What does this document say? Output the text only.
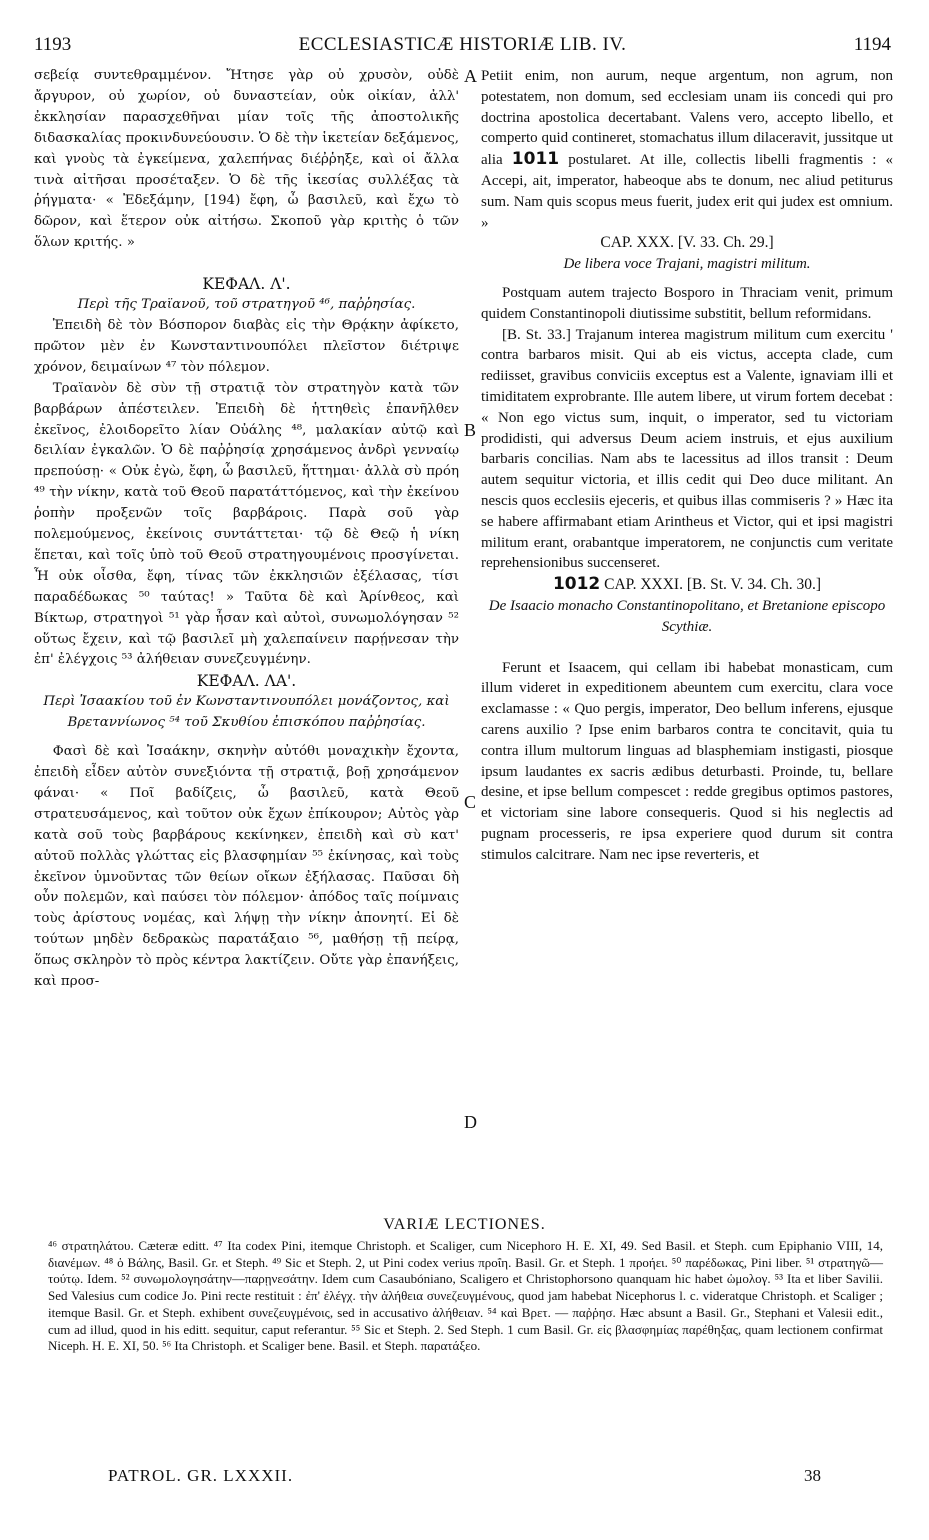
1193	ECCLESIASTICÆ HISTORIÆ LIB. IV.	1194

σεβείᾳ συντεθραμμένον. Ἤτησε γὰρ οὐ χρυσὸν, οὐδὲ ἄργυρον, οὐ χωρίον, οὐ δυναστείαν, οὐκ οἰκίαν, ἀλλ' ἐκκλησίαν παρασχεθῆναι μίαν τοῖς τῆς ἀποστολικῆς διδασκαλίας προκινδυνεύουσιν. Ὁ δὲ τὴν ἱκετείαν δεξάμενος, καὶ γνοὺς τὰ ἐγκείμενα, χαλεπήνας διέῤῥηξε, καὶ οἱ ἄλλα τινὰ αἰτῆσαι προσέταξεν. Ὁ δὲ τῆς ἱκεσίας συλλέξας τὰ ῥήγματα· « Ἐδεξάμην, [194) ἔφη, ὦ βασιλεῦ, καὶ ἔχω τὸ δῶρον, καὶ ἕτερον οὐκ αἰτήσω. Σκοποῦ γὰρ κριτὴς ὁ τῶν ὅλων κριτής. »

ΚΕΦΑΛ. Λ'.

Περὶ τῆς Τραϊανοῦ, τοῦ στρατηγοῦ ⁴⁶, παῤῥησίας.

Ἐπειδὴ δὲ τὸν Βόσπορον διαβὰς εἰς τὴν Θρᾴκην ἀφίκετο, πρῶτον μὲν ἐν Κωνσταντινουπόλει πλεῖστον διέτριψε χρόνον, δειμαίνων ⁴⁷ τὸν πόλεμον.

Τραϊανὸν δὲ σὺν τῇ στρατιᾷ τὸν στρατηγὸν κατὰ τῶν βαρβάρων ἀπέστειλεν. Ἐπειδὴ δὲ ἡττηθεὶς ἐπανῆλθεν ἐκεῖνος, ἐλοιδορεῖτο λίαν Οὐάλης ⁴⁸, μαλακίαν αὐτῷ καὶ δειλίαν ἐγκαλῶν. Ὁ δὲ παῤῥησίᾳ χρησάμενος ἀνδρὶ γενναίῳ πρεπούσῃ· « Οὐκ ἐγὼ, ἔφη, ὦ βασιλεῦ, ἥττημαι· ἀλλὰ σὺ πρόη ⁴⁹ τὴν νίκην, κατὰ τοῦ Θεοῦ παρατάττόμενος, καὶ τὴν ἐκείνου ῥοπὴν προξενῶν τοῖς βαρβάροις. Παρὰ σοῦ γὰρ πολεμούμενος, ἐκείνοις συντάττεται· τῷ δὲ Θεῷ ἡ νίκη ἕπεται, καὶ τοῖς ὑπὸ τοῦ Θεοῦ στρατηγουμένοις προσγίνεται. Ἦ οὐκ οἶσθα, ἔφη, τίνας τῶν ἐκκλησιῶν ἐξέλασας, τίσι παραδέδωκας ⁵⁰ ταύτας! » Ταῦτα δὲ καὶ Ἀρίνθεος, καὶ Βίκτωρ, στρατηγοὶ ⁵¹ γὰρ ἦσαν καὶ αὐτοὶ, συνωμολόγησαν ⁵² οὕτως ἔχειν, καὶ τῷ βασιλεῖ μὴ χαλεπαίνειν παρῄνεσαν τὴν ἐπ' ἐλέγχοις ⁵³ ἀλήθειαν συνεζευγμένην.

ΚΕΦΑΛ. ΛΑ'.

Περὶ Ἰσαακίου τοῦ ἐν Κωνσταντινουπόλει μονάζοντος, καὶ Βρεταννίωνος ⁵⁴ τοῦ Σκυθίου ἐπισκόπου παῤῥησίας.

Φασὶ δὲ καὶ Ἰσαάκην, σκηνὴν αὐτόθι μοναχικὴν ἔχοντα, ἐπειδὴ εἶδεν αὐτὸν συνεξιόντα τῇ στρατιᾷ, βοῇ χρησάμενον φάναι· « Ποῖ βαδίζεις, ὦ βασιλεῦ, κατὰ Θεοῦ στρατευσάμενος, καὶ τοῦτον οὐκ ἔχων ἐπίκουρον; Αὐτὸς γὰρ κατὰ σοῦ τοὺς βαρβάρους κεκίνηκεν, ἐπειδὴ καὶ σὺ κατ' αὐτοῦ πολλὰς γλώττας εἰς βλασφημίαν ⁵⁵ ἐκίνησας, καὶ τοὺς ἐκεῖνον ὑμνοῦντας τῶν θείων οἴκων ἐξήλασας. Παῦσαι δὴ οὖν πολεμῶν, καὶ παύσει τὸν πόλεμον· ἀπόδος ταῖς ποίμναις τοὺς ἀρίστους νομέας, καὶ λήψῃ τὴν νίκην ἀπονητί. Εἰ δὲ τούτων μηδὲν δεδρακὼς παρατάξαιο ⁵⁶, μαθήσῃ τῇ πείρᾳ, ὅπως σκληρὸν τὸ πρὸς κέντρα λακτίζειν. Οὔτε γὰρ ἐπανήξεις, καὶ προσ-

A
B
C
D

Petiit enim, non aurum, neque argentum, non agrum, non potestatem, non domum, sed ecclesiam unam iis concedi qui pro doctrina apostolica decertabant. Valens vero, accepto libello, et comperto quid contineret, stomachatus illum dilaceravit, jussitque ut alia 1011 postularet. At ille, collectis libelli fragmentis : « Accepi, ait, imperator, habeoque abs te donum, nec aliud petiturus sum. Nam quis scopus meus fuerit, judex erit qui judex est omnium. »

CAP. XXX. [V. 33. Ch. 29.]

De libera voce Trajani, magistri militum.

Postquam autem trajecto Bosporo in Thraciam venit, primum quidem Constantinopoli diutissime substitit, bellum reformidans.

[B. St. 33.] Trajanum interea magistrum militum cum exercitu ' contra barbaros misit. Qui ab eis victus, accepta clade, cum rediisset, gravibus conviciis exceptus est a Valente, ignaviam illi et timiditatem exprobrante. Ille autem libere, ut virum fortem decebat : « Non ego victus sum, inquit, o imperator, sed tu victoriam prodidisti, qui adversus Deum aciem instruis, et ejus auxilium barbaris concilias. Nam abs te lacessitus ad illos transit : Deum autem sequitur victoria, et illis cedit qui Deo duce militant. An nescis quos ecclesiis ejeceris, et quibus illas commiseris ? » Hæc ita se habere affirmabant etiam Arintheus et Victor, qui et ipsi magistri militum erant, orabantque imperatorem, ne conjunctis cum veritate reprehensionibus succenseret.

1012 CAP. XXXI. [B. St. V. 34. Ch. 30.]

De Isaacio monacho Constantinopolitano, et Bretanione episcopo Scythiæ.

Ferunt et Isaacem, qui cellam ibi habebat monasticam, cum illum videret in expeditionem abeuntem cum exercitu, clara voce exclamasse : « Quo pergis, imperator, Deo bellum inferens, ejusque carens auxilio ? Ipse enim barbaros contra te concitavit, quia tu contra illum multorum linguas ad blasphemiam instigasti, piosque ipsum laudantes ex sacris ædibus deturbasti. Proinde, tu, bellare desine, et ipse bellum compescet : redde gregibus optimos pastores, et victoriam sine labore consequeris. Quod si his neglectis ad pugnam processeris, re ipsa experiere quod durum sit contra stimulos calcitrare. Nam nec ipse reverteris, et

VARIÆ LECTIONES.
⁴⁶ στρατηλάτου. Cæteræ editt. ⁴⁷ Ita codex Pini, itemque Christoph. et Scaliger, cum Nicephoro H. E. XI, 49. Sed Basil. et Steph. cum Epiphanio VIII, 14, διανέμων. ⁴⁸ ὁ Βάλης, Basil. Gr. et Steph. ⁴⁹ Sic et Steph. 2, ut Pini codex verius προΐη. Basil. Gr. et Steph. 1 προήει. ⁵⁰ παρέδωκας, Pini liber. ⁵¹ στρατηγῶ—τούτῳ. Idem. ⁵² συνωμολογησάτην—παρῃνεσάτην. Idem cum Casaubóniano, Scaligero et Christophorsono quanquam hic habet ὡμολογ. ⁵³ Ita et liber Savilii. Sed Valesius cum codice Jo. Pini recte restituit : ἐπ' ἐλέγχ. τὴν ἀλήθεια συνεζευγμένους, quod jam habebat Nicephorus l. c. videratque Christoph. et Scaliger ; itemque Basil. Gr. et Steph. exhibent συνεζευγμένοις, sed in accusativo ἀλήθειαν. ⁵⁴ καὶ Βρετ. — παῤῥησ. Hæc absunt a Basil. Gr., Stephani et Valesii edit., cum ad illud, quod in his editt. sequitur, caput referantur. ⁵⁵ Sic et Steph. 2. Sed Steph. 1 cum Basil. Gr. εἰς βλασφημίας παρέθηξας, quam lectionem confirmat Niceph. H. E. XI, 50. ⁵⁶ Ita Christoph. et Scaliger bene. Basil. et Steph. παρατάξεο.
PATROL. GR. LXXXII.	38
